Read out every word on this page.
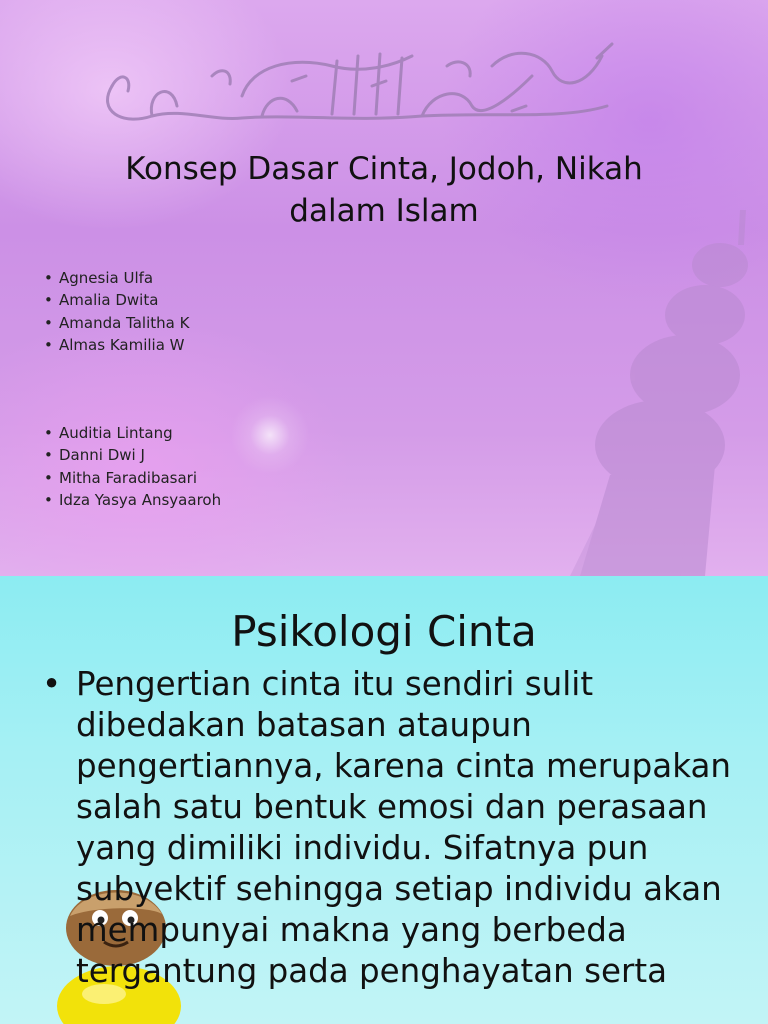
Konsep Dasar Cinta, Jodoh, Nikah
dalam Islam
• Agnesia Ulfa
• Amalia Dwita
• Amanda Talitha K
• Almas Kamilia W
• Auditia Lintang
• Danni Dwi J
• Mitha Faradibasari
• Idza Yasya Ansyaaroh
Psikologi Cinta
• Pengertian cinta itu sendiri sulit dibedakan batasan ataupun pengertiannya, karena cinta merupakan salah satu bentuk emosi dan perasaan yang dimiliki individu. Sifatnya pun subyektif sehingga setiap individu akan mempunyai makna yang berbeda tergantung pada penghayatan serta
